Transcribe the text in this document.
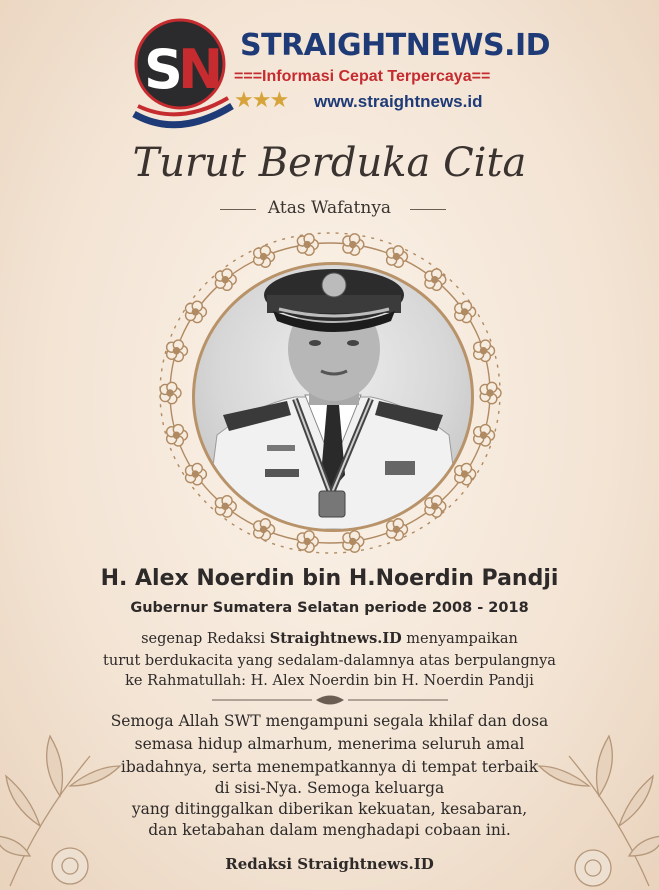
S
N STRAIGHTNEWS.ID
===Informasi Cepat Terpercaya==
★★★ www.straightnews.id
Turut Berduka Cita
Atas Wafatnya
H. Alex Noerdin bin H.Noerdin Pandji
Gubernur Sumatera Selatan periode 2008 - 2018
segenap Redaksi Straightnews.ID menyampaikan
turut berdukacita yang sedalam-dalamnya atas berpulangnya
ke Rahmatullah: H. Alex Noerdin bin H. Noerdin Pandji
Semoga Allah SWT mengampuni segala khilaf dan dosa
semasa hidup almarhum, menerima seluruh amal
ibadahnya, serta menempatkannya di tempat terbaik
di sisi-Nya. Semoga keluarga
yang ditinggalkan diberikan kekuatan, kesabaran,
dan ketabahan dalam menghadapi cobaan ini.
Redaksi Straightnews.ID
